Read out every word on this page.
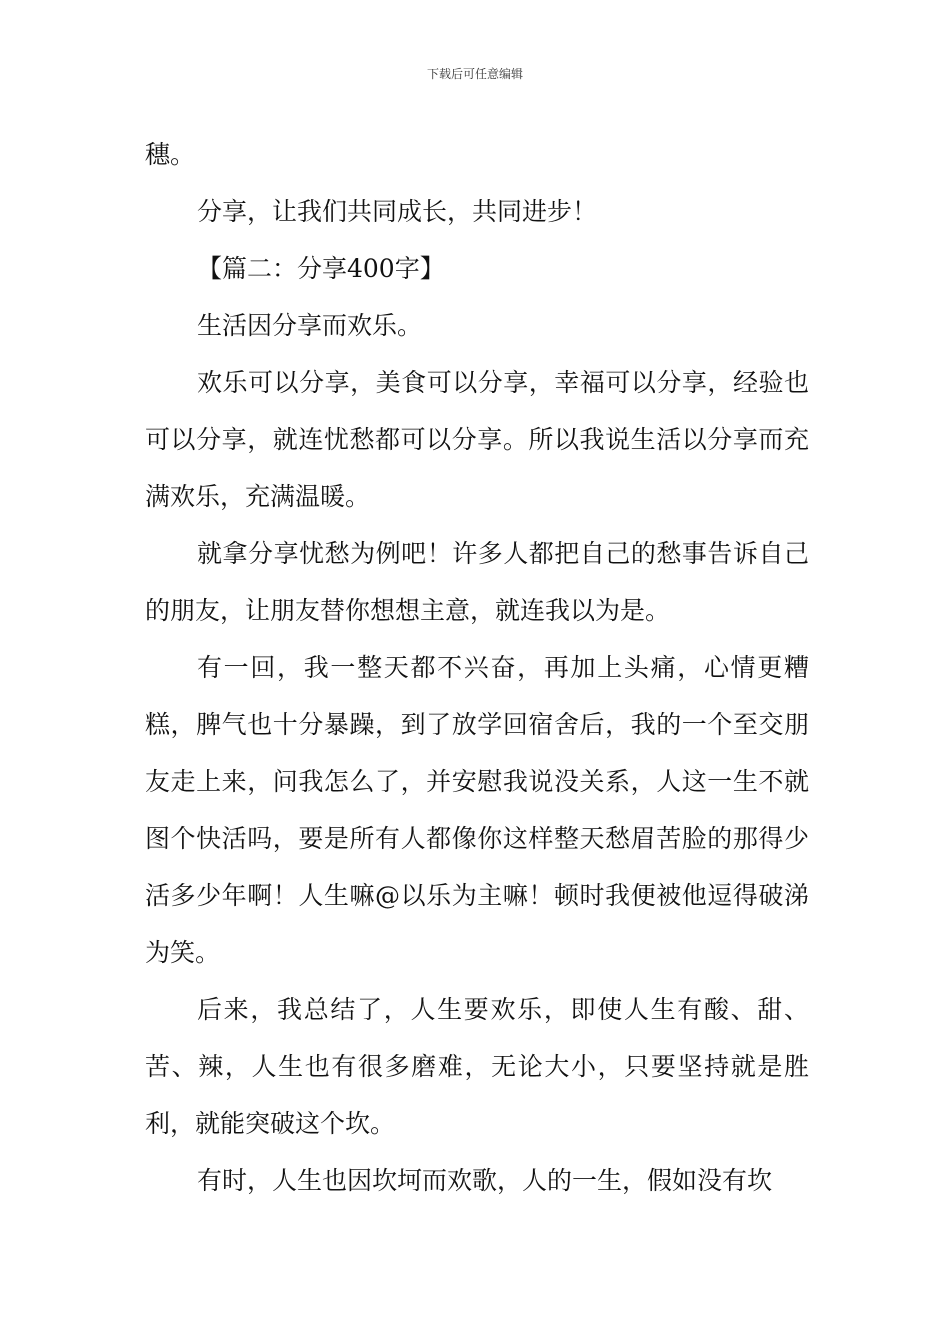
下载后可任意编辑

穗。

分享，让我们共同成长，共同进步！

【篇二：分享400字】

生活因分享而欢乐。

欢乐可以分享，美食可以分享，幸福可以分享，经验也可以分享，就连忧愁都可以分享。所以我说生活以分享而充满欢乐，充满温暖。

就拿分享忧愁为例吧！许多人都把自己的愁事告诉自己的朋友，让朋友替你想想主意，就连我以为是。

有一回，我一整天都不兴奋，再加上头痛，心情更糟糕，脾气也十分暴躁，到了放学回宿舍后，我的一个至交朋友走上来，问我怎么了，并安慰我说没关系，人这一生不就图个快活吗，要是所有人都像你这样整天愁眉苦脸的那得少活多少年啊！人生嘛@以乐为主嘛！顿时我便被他逗得破涕为笑。

后来，我总结了，人生要欢乐，即使人生有酸、甜、苦、辣，人生也有很多磨难，无论大小，只要坚持就是胜利，就能突破这个坎。

有时，人生也因坎坷而欢歌，人的一生，假如没有坎
